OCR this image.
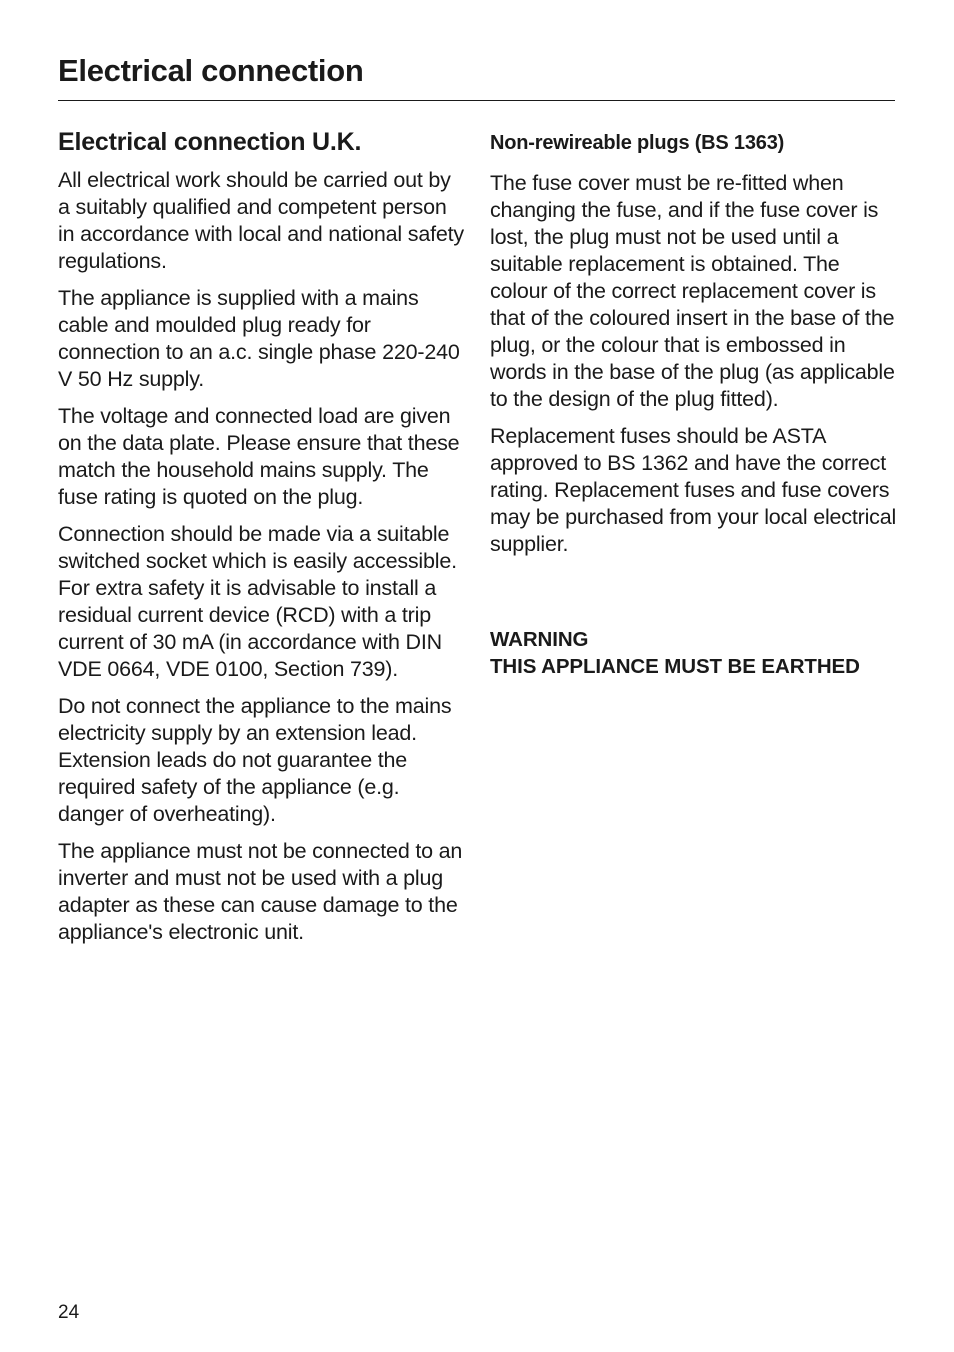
Electrical connection
Electrical connection U.K.

All electrical work should be carried out by a suitably qualified and competent person in accordance with local and national safety regulations.

The appliance is supplied with a mains cable and moulded plug ready for connection to an a.c. single phase 220-240 V 50 Hz supply.

The voltage and connected load are given on the data plate. Please ensure that these match the household mains supply. The fuse rating is quoted on the plug.

Connection should be made via a suitable switched socket which is easily accessible. For extra safety it is advisable to install a residual current device (RCD) with a trip current of 30 mA (in accordance with DIN VDE 0664, VDE 0100, Section 739).

Do not connect the appliance to the mains electricity supply by an extension lead. Extension leads do not guarantee the required safety of the appliance (e.g. danger of overheating).

The appliance must not be connected to an inverter and must not be used with a plug adapter as these can cause damage to the appliance's electronic unit.

Non-rewireable plugs (BS 1363)

The fuse cover must be re-fitted when changing the fuse, and if the fuse cover is lost, the plug must not be used until a suitable replacement is obtained. The colour of the correct replacement cover is that of the coloured insert in the base of the plug, or the colour that is embossed in words in the base of the plug (as applicable to the design of the plug fitted).

Replacement fuses should be ASTA approved to BS 1362 and have the correct rating. Replacement fuses and fuse covers may be purchased from your local electrical supplier.

WARNING
THIS APPLIANCE MUST BE EARTHED

24
